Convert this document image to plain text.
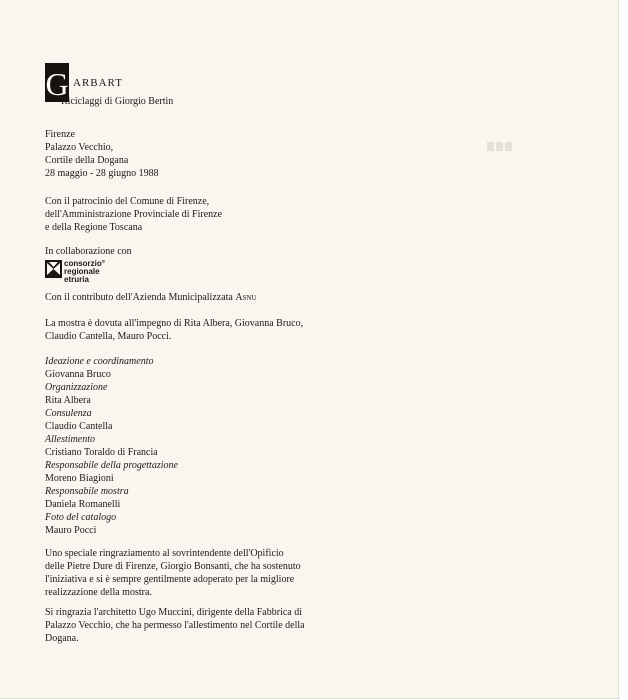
G ARBART
Riciclaggi di Giorgio Bertin

Firenze

Palazzo Vecchio,

Cortile della Dogana

28 maggio - 28 giugno 1988

Con il patrocinio del Comune di Firenze,

dell'Amministrazione Provinciale di Firenze

e della Regione Toscana

In collaborazione con

consorzio°
regionale
etruria

Con il contributo dell'Azienda Municipalizzata Asnu

La mostra è dovuta all'impegno di Rita Albera, Giovanna Bruco,

Claudio Cantella, Mauro Pocci.

Ideazione e coordinamento

Giovanna Bruco

Organizzazione

Rita Albera

Consulenza

Claudio Cantella

Allestimento

Cristiano Toraldo di Francia

Responsabile della progettazione

Moreno Biagioni

Responsabile mostra

Daniela Romanelli

Foto del catalogo

Mauro Pocci

Uno speciale ringraziamento al sovrintendente dell'Opificio

delle Pietre Dure di Firenze, Giorgio Bonsanti, che ha sostenuto

l'iniziativa e si è sempre gentilmente adoperato per la migliore

realizzazione della mostra.

Si ringrazia l'architetto Ugo Muccini, dirigente della Fabbrica di

Palazzo Vecchio, che ha permesso l'allestimento nel Cortile della

Dogana.
